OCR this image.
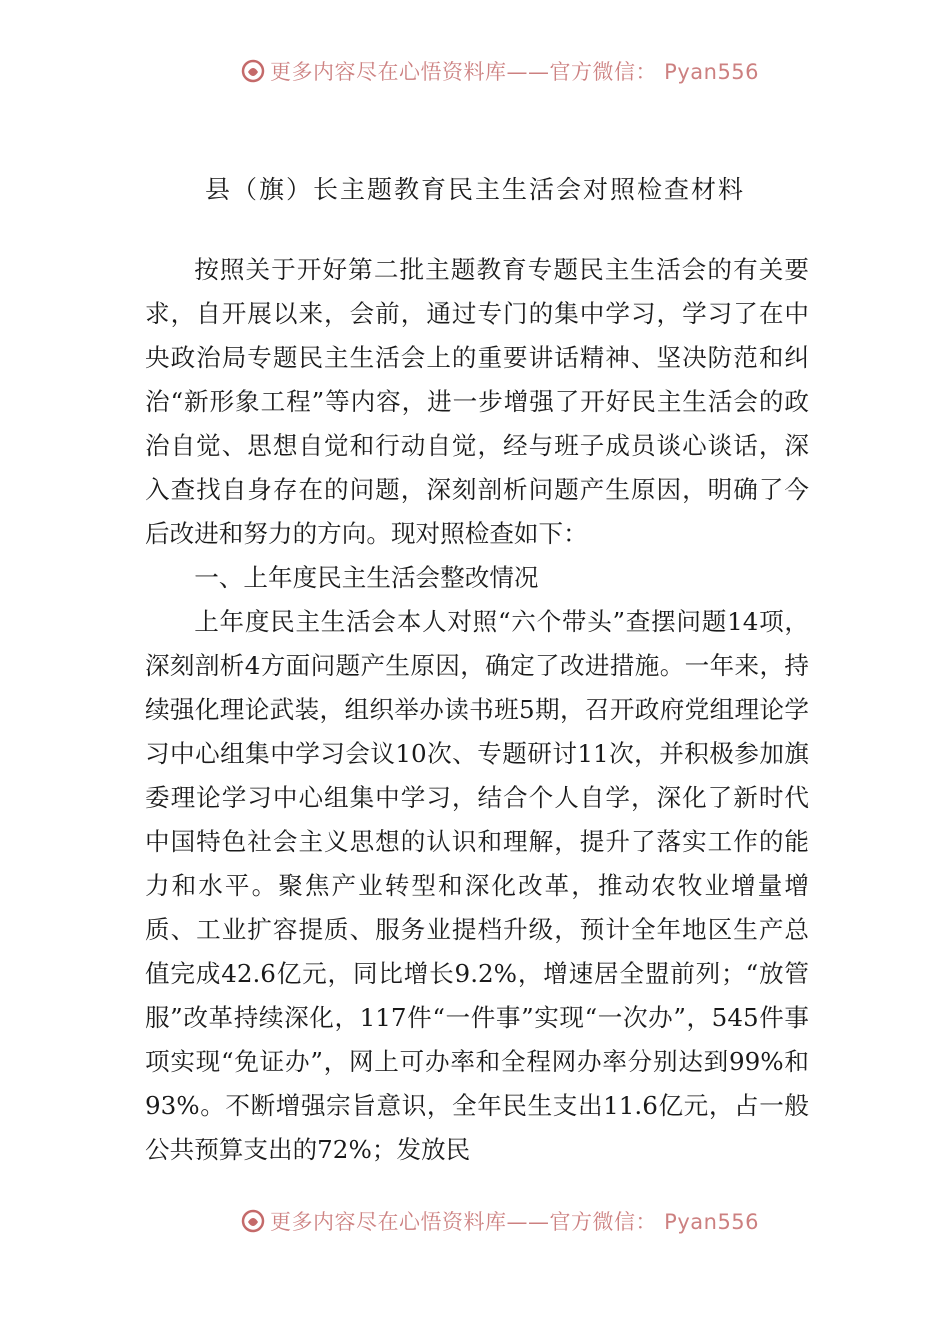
更多内容尽在心悟资料库——官方微信： Pyan556
县（旗）长主题教育民主生活会对照检查材料

按照关于开好第二批主题教育专题民主生活会的有关要求，自开展以来，会前，通过专门的集中学习，学习了在中央政治局专题民主生活会上的重要讲话精神、坚决防范和纠治“新形象工程”等内容，进一步增强了开好民主生活会的政治自觉、思想自觉和行动自觉，经与班子成员谈心谈话，深入查找自身存在的问题，深刻剖析问题产生原因，明确了今后改进和努力的方向。现对照检查如下：

一、上年度民主生活会整改情况

上年度民主生活会本人对照“六个带头”查摆问题14项，深刻剖析4方面问题产生原因，确定了改进措施。一年来，持续强化理论武装，组织举办读书班5期，召开政府党组理论学习中心组集中学习会议10次、专题研讨11次，并积极参加旗委理论学习中心组集中学习，结合个人自学，深化了新时代中国特色社会主义思想的认识和理解，提升了落实工作的能力和水平。聚焦产业转型和深化改革，推动农牧业增量增质、工业扩容提质、服务业提档升级，预计全年地区生产总值完成42.6亿元，同比增长9.2%，增速居全盟前列；“放管服”改革持续深化，117件“一件事”实现“一次办”，545件事项实现“免证办”，网上可办率和全程网办率分别达到99%和93%。不断增强宗旨意识，全年民生支出11.6亿元，占一般公共预算支出的72%；发放民

更多内容尽在心悟资料库——官方微信： Pyan556
